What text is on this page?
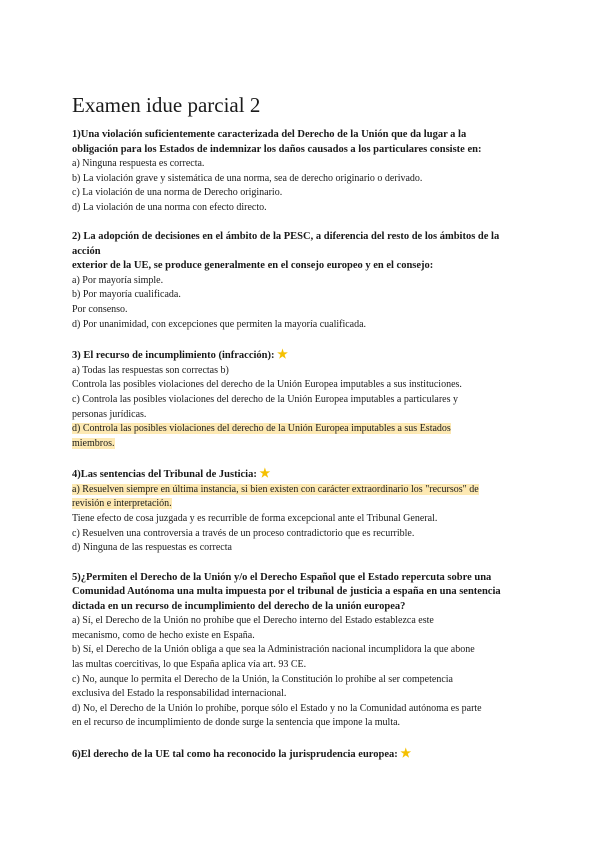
Examen idue parcial 2
1)Una violación suficientemente caracterizada del Derecho de la Unión que da lugar a la
obligación para los Estados de indemnizar los daños causados a los particulares consiste en:
a) Ninguna respuesta es correcta.
b) La violación grave y sistemática de una norma, sea de derecho originario o derivado.
c) La violación de una norma de Derecho originario.
d) La violación de una norma con efecto directo.
2) La adopción de decisiones en el ámbito de la PESC, a diferencia del resto de los ámbitos de la
acción
exterior de la UE, se produce generalmente en el consejo europeo y en el consejo:
a) Por mayoría simple.
b) Por mayoría cualificada.
Por consenso.
d) Por unanimidad, con excepciones que permiten la mayoría cualificada.
3) El recurso de incumplimiento (infracción): ★
a) Todas las respuestas son correctas b)
Controla las posibles violaciones del derecho de la Unión Europea imputables a sus instituciones.
c) Controla las posibles violaciones del derecho de la Unión Europea imputables a particulares y
personas jurídicas.
d) Controla las posibles violaciones del derecho de la Unión Europea imputables a sus Estados
miembros.
4)Las sentencias del Tribunal de Justicia: ★
a) Resuelven siempre en última instancia, si bien existen con carácter extraordinario los "recursos" de
revisión e interpretación.
Tiene efecto de cosa juzgada y es recurrible de forma excepcional ante el Tribunal General.
c) Resuelven una controversia a través de un proceso contradictorio que es recurrible.
d) Ninguna de las respuestas es correcta
5)¿Permiten el Derecho de la Unión y/o el Derecho Español que el Estado repercuta sobre una
Comunidad Autónoma una multa impuesta por el tribunal de justicia a españa en una sentencia
dictada en un recurso de incumplimiento del derecho de la unión europea?
a) Sí, el Derecho de la Unión no prohíbe que el Derecho interno del Estado establezca este
mecanismo, como de hecho existe en España.
b) Sí, el Derecho de la Unión obliga a que sea la Administración nacional incumplidora la que abone
las multas coercitivas, lo que España aplica vía art. 93 CE.
c) No, aunque lo permita el Derecho de la Unión, la Constitución lo prohíbe al ser competencia
exclusiva del Estado la responsabilidad internacional.
d) No, el Derecho de la Unión lo prohíbe, porque sólo el Estado y no la Comunidad autónoma es parte
en el recurso de incumplimiento de donde surge la sentencia que impone la multa.
6)El derecho de la UE tal como ha reconocido la jurisprudencia europea: ★
